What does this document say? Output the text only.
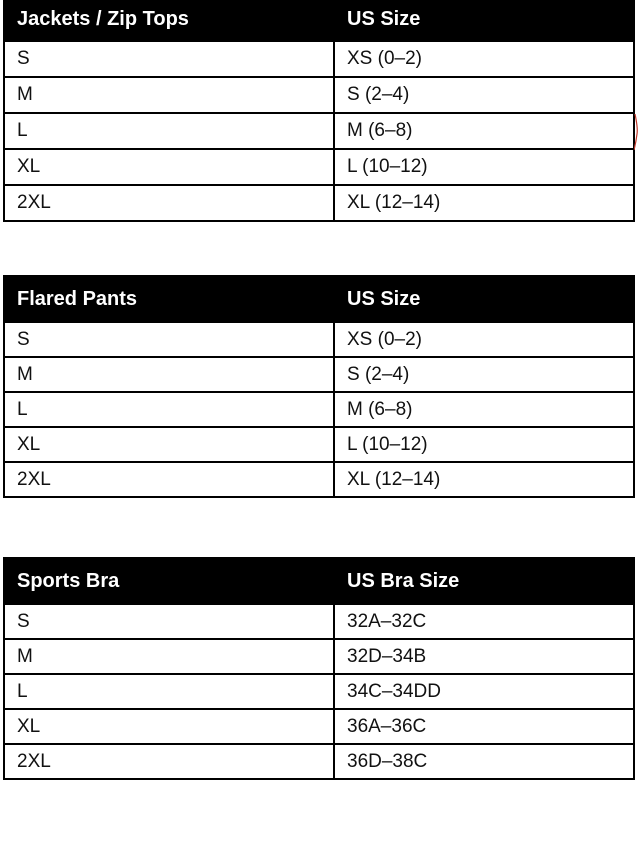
Jackets / Zip Tops	US Size
S	XS (0–2)
M	S (2–4)
L	M (6–8)
XL	L (10–12)
2XL	XL (12–14)
Flared Pants	US Size
S	XS (0–2)
M	S (2–4)
L	M (6–8)
XL	L (10–12)
2XL	XL (12–14)
Sports Bra	US Bra Size
S	32A–32C
M	32D–34B
L	34C–34DD
XL	36A–36C
2XL	36D–38C
